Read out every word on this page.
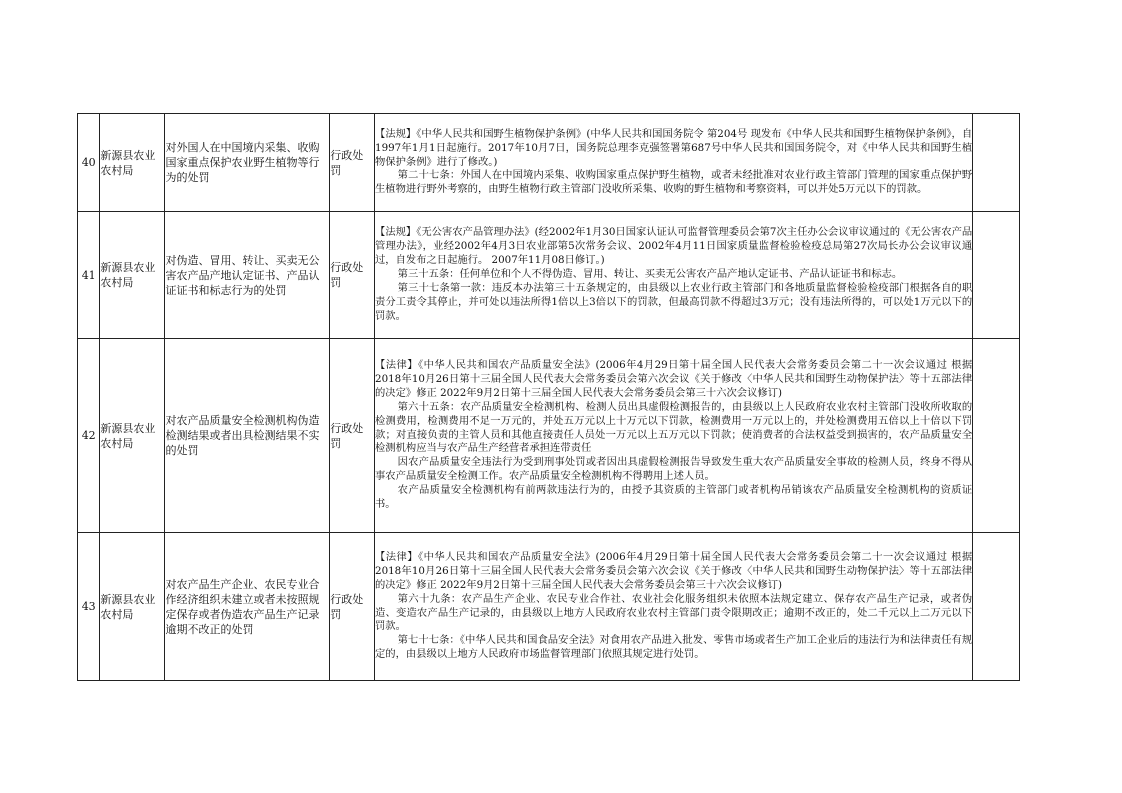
40	新源县农业农村局	对外国人在中国境内采集、收购国家重点保护农业野生植物等行为的处罚	行政处罚	【法规】《中华人民共和国野生植物保护条例》(中华人民共和国国务院令 第204号 现发布《中华人民共和国野生植物保护条例》，自1997年1月1日起施行。2017年10月7日，国务院总理李克强签署第687号中华人民共和国国务院令，对《中华人民共和国野生植物保护条例》进行了修改。)
第二十七条：外国人在中国境内采集、收购国家重点保护野生植物，或者未经批准对农业行政主管部门管理的国家重点保护野生植物进行野外考察的，由野生植物行政主管部门没收所采集、收购的野生植物和考察资料，可以并处5万元以下的罚款。	

41	新源县农业农村局	对伪造、冒用、转让、买卖无公害农产品产地认定证书、产品认证证书和标志行为的处罚	行政处罚	【法规】《无公害农产品管理办法》(经2002年1月30日国家认证认可监督管理委员会第7次主任办公会议审议通过的《无公害农产品管理办法》，业经2002年4月3日农业部第5次常务会议、2002年4月11日国家质量监督检验检疫总局第27次局长办公会议审议通过，自发布之日起施行。 2007年11月08日修订。)
第三十五条：任何单位和个人不得伪造、冒用、转让、买卖无公害农产品产地认定证书、产品认证证书和标志。
第三十七条第一款：违反本办法第三十五条规定的，由县级以上农业行政主管部门和各地质量监督检验检疫部门根据各自的职责分工责令其停止，并可处以违法所得1倍以上3倍以下的罚款，但最高罚款不得超过3万元；没有违法所得的，可以处1万元以下的罚款。	

42	新源县农业农村局	对农产品质量安全检测机构伪造检测结果或者出具检测结果不实的处罚	行政处罚	【法律】《中华人民共和国农产品质量安全法》(2006年4月29日第十届全国人民代表大会常务委员会第二十一次会议通过 根据2018年10月26日第十三届全国人民代表大会常务委员会第六次会议《关于修改〈中华人民共和国野生动物保护法〉等十五部法律的决定》修正 2022年9月2日第十三届全国人民代表大会常务委员会第三十六次会议修订)
第六十五条：农产品质量安全检测机构、检测人员出具虚假检测报告的，由县级以上人民政府农业农村主管部门没收所收取的检测费用，检测费用不足一万元的，并处五万元以上十万元以下罚款，检测费用一万元以上的，并处检测费用五倍以上十倍以下罚款；对直接负责的主管人员和其他直接责任人员处一万元以上五万元以下罚款；使消费者的合法权益受到损害的，农产品质量安全检测机构应当与农产品生产经营者承担连带责任
因农产品质量安全违法行为受到刑事处罚或者因出具虚假检测报告导致发生重大农产品质量安全事故的检测人员，终身不得从事农产品质量安全检测工作。农产品质量安全检测机构不得聘用上述人员。
农产品质量安全检测机构有前两款违法行为的，由授予其资质的主管部门或者机构吊销该农产品质量安全检测机构的资质证书。	

43	新源县农业农村局	对农产品生产企业、农民专业合作经济组织未建立或者未按照规定保存或者伪造农产品生产记录逾期不改正的处罚	行政处罚	【法律】《中华人民共和国农产品质量安全法》(2006年4月29日第十届全国人民代表大会常务委员会第二十一次会议通过 根据2018年10月26日第十三届全国人民代表大会常务委员会第六次会议《关于修改〈中华人民共和国野生动物保护法〉等十五部法律的决定》修正 2022年9月2日第十三届全国人民代表大会常务委员会第三十六次会议修订)
第六十九条：农产品生产企业、农民专业合作社、农业社会化服务组织未依照本法规定建立、保存农产品生产记录，或者伪造、变造农产品生产记录的，由县级以上地方人民政府农业农村主管部门责令限期改正；逾期不改正的，处二千元以上二万元以下罚款。
第七十七条：《中华人民共和国食品安全法》对食用农产品进入批发、零售市场或者生产加工企业后的违法行为和法律责任有规定的，由县级以上地方人民政府市场监督管理部门依照其规定进行处罚。	
